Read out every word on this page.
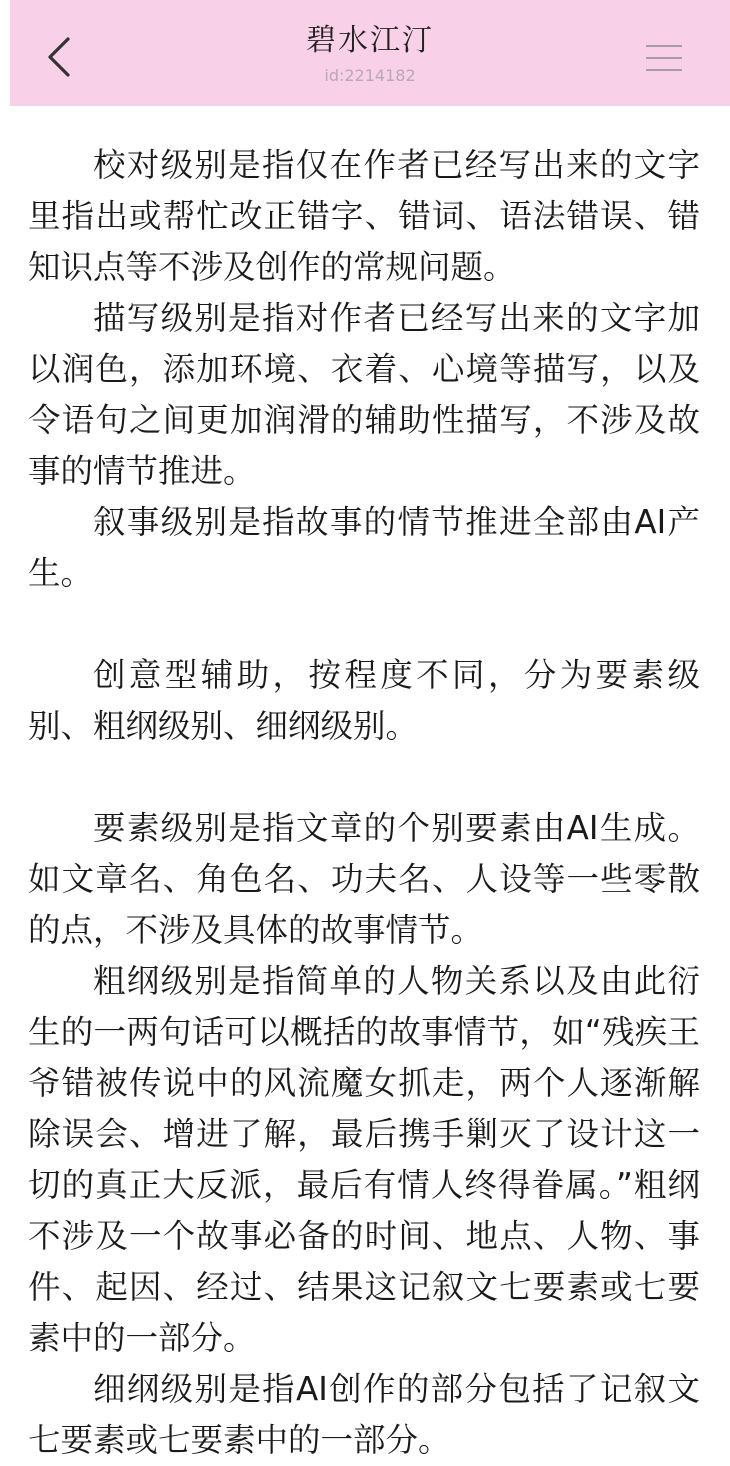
碧水江汀
id:2214182

校对级别是指仅在作者已经写出来的文字里指出或帮忙改正错字、错词、语法错误、错知识点等不涉及创作的常规问题。

描写级别是指对作者已经写出来的文字加以润色，添加环境、衣着、心境等描写，以及令语句之间更加润滑的辅助性描写，不涉及故事的情节推进。

叙事级别是指故事的情节推进全部由AI产生。

创意型辅助，按程度不同，分为要素级别、粗纲级别、细纲级别。

要素级别是指文章的个别要素由AI生成。如文章名、角色名、功夫名、人设等一些零散的点，不涉及具体的故事情节。

粗纲级别是指简单的人物关系以及由此衍生的一两句话可以概括的故事情节，如“残疾王爷错被传说中的风流魔女抓走，两个人逐渐解除误会、增进了解，最后携手剿灭了设计这一切的真正大反派，最后有情人终得眷属。”粗纲不涉及一个故事必备的时间、地点、人物、事件、起因、经过、结果这记叙文七要素或七要素中的一部分。

细纲级别是指AI创作的部分包括了记叙文七要素或七要素中的一部分。
